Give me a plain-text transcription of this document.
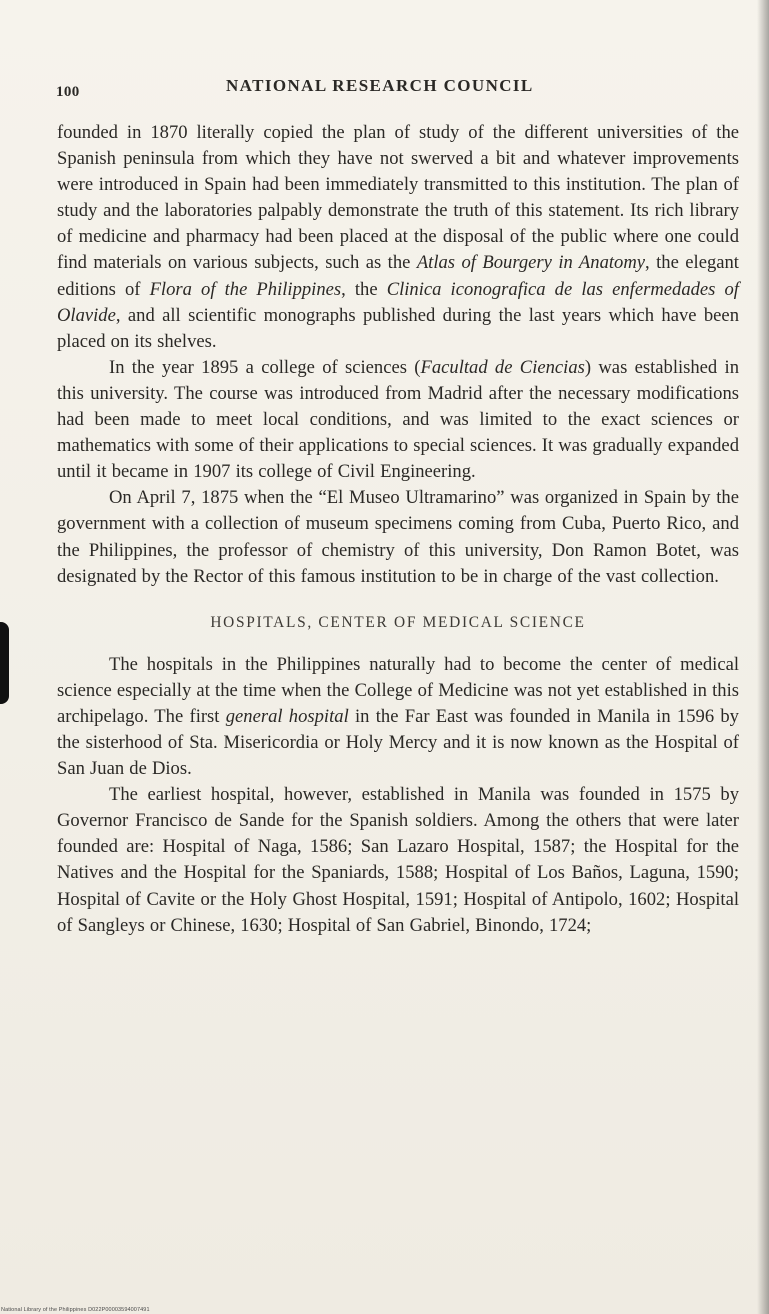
100	NATIONAL RESEARCH COUNCIL

founded in 1870 literally copied the plan of study of the different universities of the Spanish peninsula from which they have not swerved a bit and whatever improvements were introduced in Spain had been immediately transmitted to this institution. The plan of study and the laboratories palpably demonstrate the truth of this statement. Its rich library of medicine and pharmacy had been placed at the disposal of the public where one could find materials on various subjects, such as the Atlas of Bourgery in Anatomy, the elegant editions of Flora of the Philippines, the Clinica iconografica de las enfermedades of Olavide, and all scientific monographs published during the last years which have been placed on its shelves.

In the year 1895 a college of sciences (Facultad de Ciencias) was established in this university. The course was introduced from Madrid after the necessary modifications had been made to meet local conditions, and was limited to the exact sciences or mathematics with some of their applications to special sciences. It was gradually expanded until it became in 1907 its college of Civil Engineering.

On April 7, 1875 when the “El Museo Ultramarino” was organized in Spain by the government with a collection of museum specimens coming from Cuba, Puerto Rico, and the Philippines, the professor of chemistry of this university, Don Ramon Botet, was designated by the Rector of this famous institution to be in charge of the vast collection.

HOSPITALS, CENTER OF MEDICAL SCIENCE

The hospitals in the Philippines naturally had to become the center of medical science especially at the time when the College of Medicine was not yet established in this archipelago. The first general hospital in the Far East was founded in Manila in 1596 by the sisterhood of Sta. Misericordia or Holy Mercy and it is now known as the Hospital of San Juan de Dios.

The earliest hospital, however, established in Manila was founded in 1575 by Governor Francisco de Sande for the Spanish soldiers. Among the others that were later founded are: Hospital of Naga, 1586; San Lazaro Hospital, 1587; the Hospital for the Natives and the Hospital for the Spaniards, 1588; Hospital of Los Baños, Laguna, 1590; Hospital of Cavite or the Holy Ghost Hospital, 1591; Hospital of Antipolo, 1602; Hospital of Sangleys or Chinese, 1630; Hospital of San Gabriel, Binondo, 1724;

National Library of the Philippines D022P00003594007491
